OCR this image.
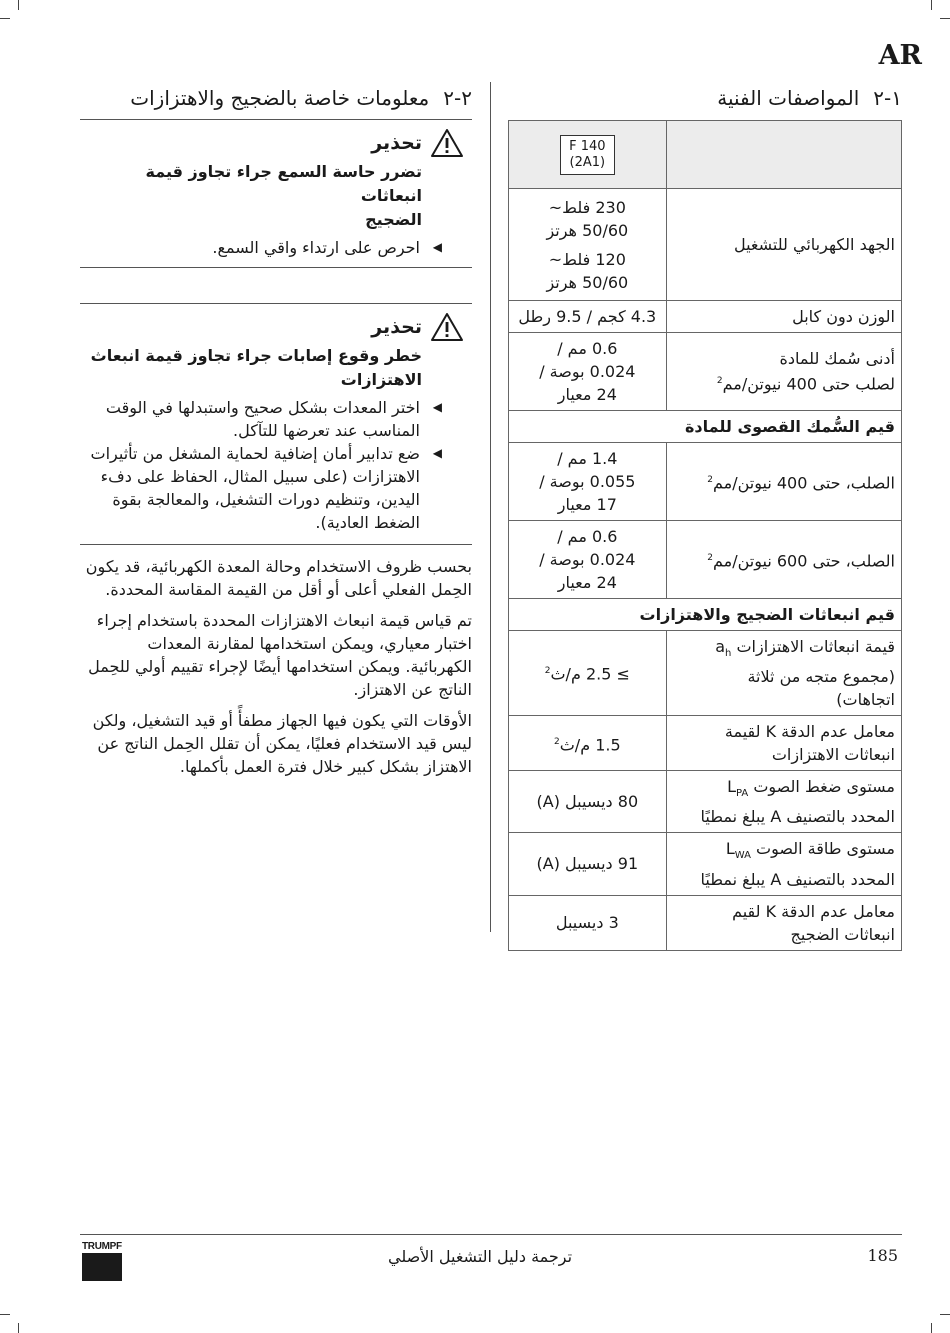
AR
١-٢المواصفات الفنية

	F 140
(2A1)

الجهد الكهربائي للتشغيل	230 فلط~
50/60 هرتز
120 فلط~
50/60 هرتز

الوزن دون كابل	4.3 كجم / 9.5 رطل

أدنى سُمك للمادة
لصلب حتى 400 نيوتن/مم$^2$	0.6 مم /
0.024 بوصة /
24 معيار

قيم السُّمك القصوى للمادة	
الصلب، حتى 400 نيوتن/مم$^2$	1.4 مم /
0.055 بوصة /
17 معيار

الصلب، حتى 600 نيوتن/مم$^2$	0.6 مم /
0.024 بوصة /
24 معيار

قيم انبعاثات الضجيج والاهتزازات	

قيمة انبعاثات الاهتزازات $a_h$
(مجموع متجه من ثلاثة
اتجاهات)	≥ 2.5 م/ث$^2$

معامل عدم الدقة K لقيمة
انبعاثات الاهتزازات	1.5 م/ث$^2$

مستوى ضغط الصوت $L_{PA}$
المحدد بالتصنيف A يبلغ نمطيًا	80 ديسيبل (A)

مستوى طاقة الصوت $L_{WA}$
المحدد بالتصنيف A يبلغ نمطيًا	91 ديسيبل (A)

معامل عدم الدقة K لقيم
انبعاثات الضجيج	3 ديسيبل
٢-٢معلومات خاصة بالضجيج والاهتزازات
تحذير
تضرر حاسة السمع جراء تجاوز قيمة انبعاثات
الضجيج
◀ احرص على ارتداء واقي السمع.
تحذير
خطر وقوع إصابات جراء تجاوز قيمة انبعاث
الاهتزازات
◀ اختر المعدات بشكل صحيح واستبدلها في الوقت المناسب عند تعرضها للتآكل.
◀ ضع تدابير أمان إضافية لحماية المشغل من تأثيرات الاهتزازات (على سبيل المثال، الحفاظ على دفء اليدين، وتنظيم دورات التشغيل، والمعالجة بقوة الضغط العادية).

بحسب ظروف الاستخدام وحالة المعدة الكهربائية، قد يكون الحِمل الفعلي أعلى أو أقل من القيمة المقاسة المحددة.

تم قياس قيمة انبعاث الاهتزازات المحددة باستخدام إجراء اختبار معياري، ويمكن استخدامها لمقارنة المعدات الكهربائية. ويمكن استخدامها أيضًا لإجراء تقييم أولي للحِمل الناتج عن الاهتزاز.

الأوقات التي يكون فيها الجهاز مطفأً أو قيد التشغيل، ولكن ليس قيد الاستخدام فعليًا، يمكن أن تقلل الحِمل الناتج عن الاهتزاز بشكل كبير خلال فترة العمل بأكملها.

TRUMPF
ترجمة دليل التشغيل الأصلي	185
